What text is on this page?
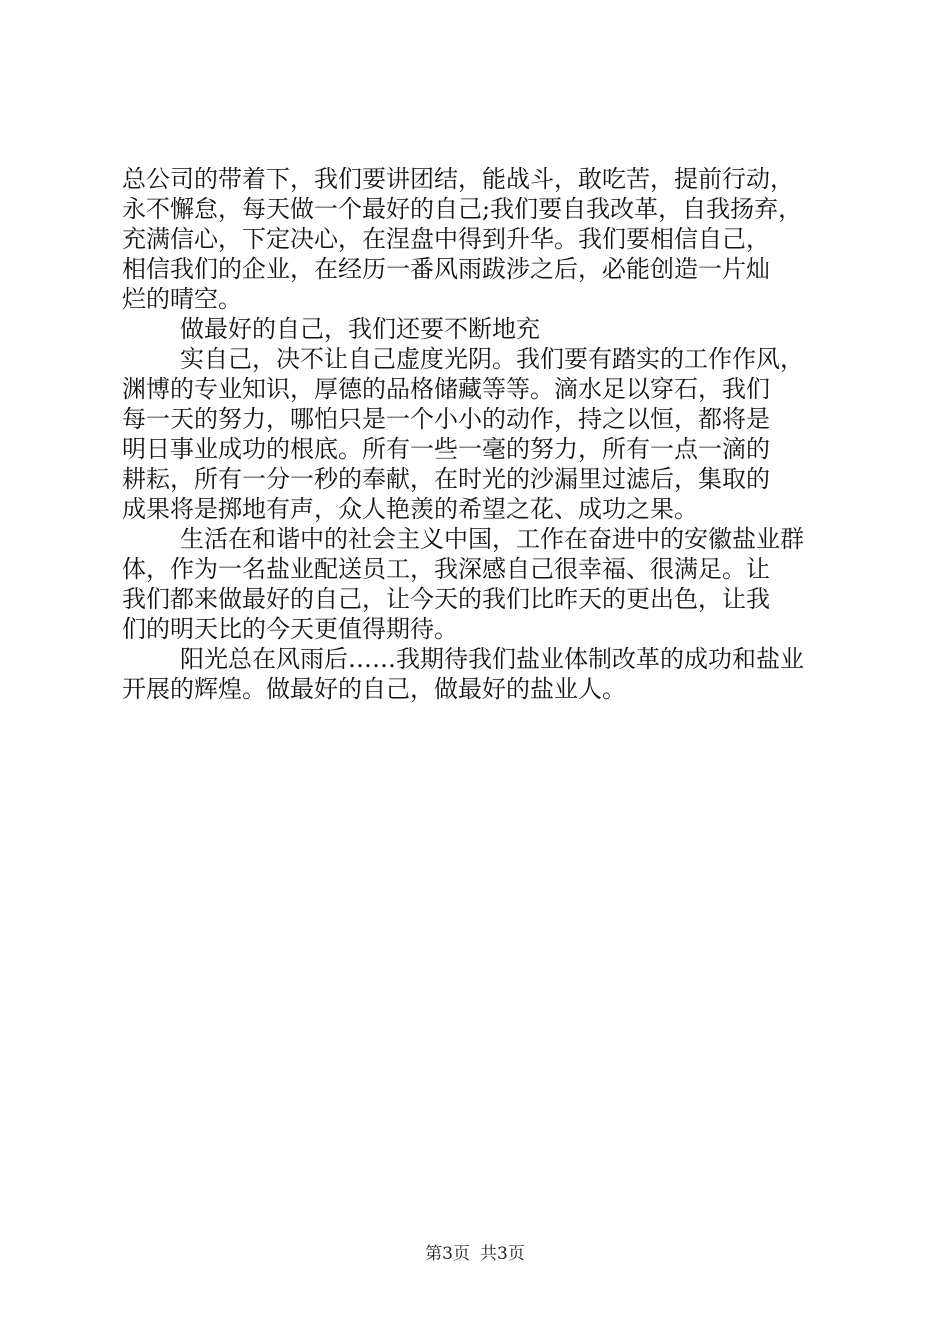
总公司的带着下，我们要讲团结，能战斗，敢吃苦，提前行动，
永不懈怠，每天做一个最好的自己;我们要自我改革，自我扬弃，
充满信心，下定决心，在涅盘中得到升华。我们要相信自己，
相信我们的企业，在经历一番风雨跋涉之后，必能创造一片灿
烂的晴空。
做最好的自己，我们还要不断地充
实自己，决不让自己虚度光阴。我们要有踏实的工作作风，
渊博的专业知识，厚德的品格储藏等等。滴水足以穿石，我们
每一天的努力，哪怕只是一个小小的动作，持之以恒，都将是
明日事业成功的根底。所有一些一毫的努力，所有一点一滴的
耕耘，所有一分一秒的奉献，在时光的沙漏里过滤后，集取的
成果将是掷地有声，众人艳羡的希望之花、成功之果。
生活在和谐中的社会主义中国，工作在奋进中的安徽盐业群
体，作为一名盐业配送员工，我深感自己很幸福、很满足。让
我们都来做最好的自己，让今天的我们比昨天的更出色，让我
们的明天比的今天更值得期待。
阳光总在风雨后……我期待我们盐业体制改革的成功和盐业
开展的辉煌。做最好的自己，做最好的盐业人。
第3页 共3页
